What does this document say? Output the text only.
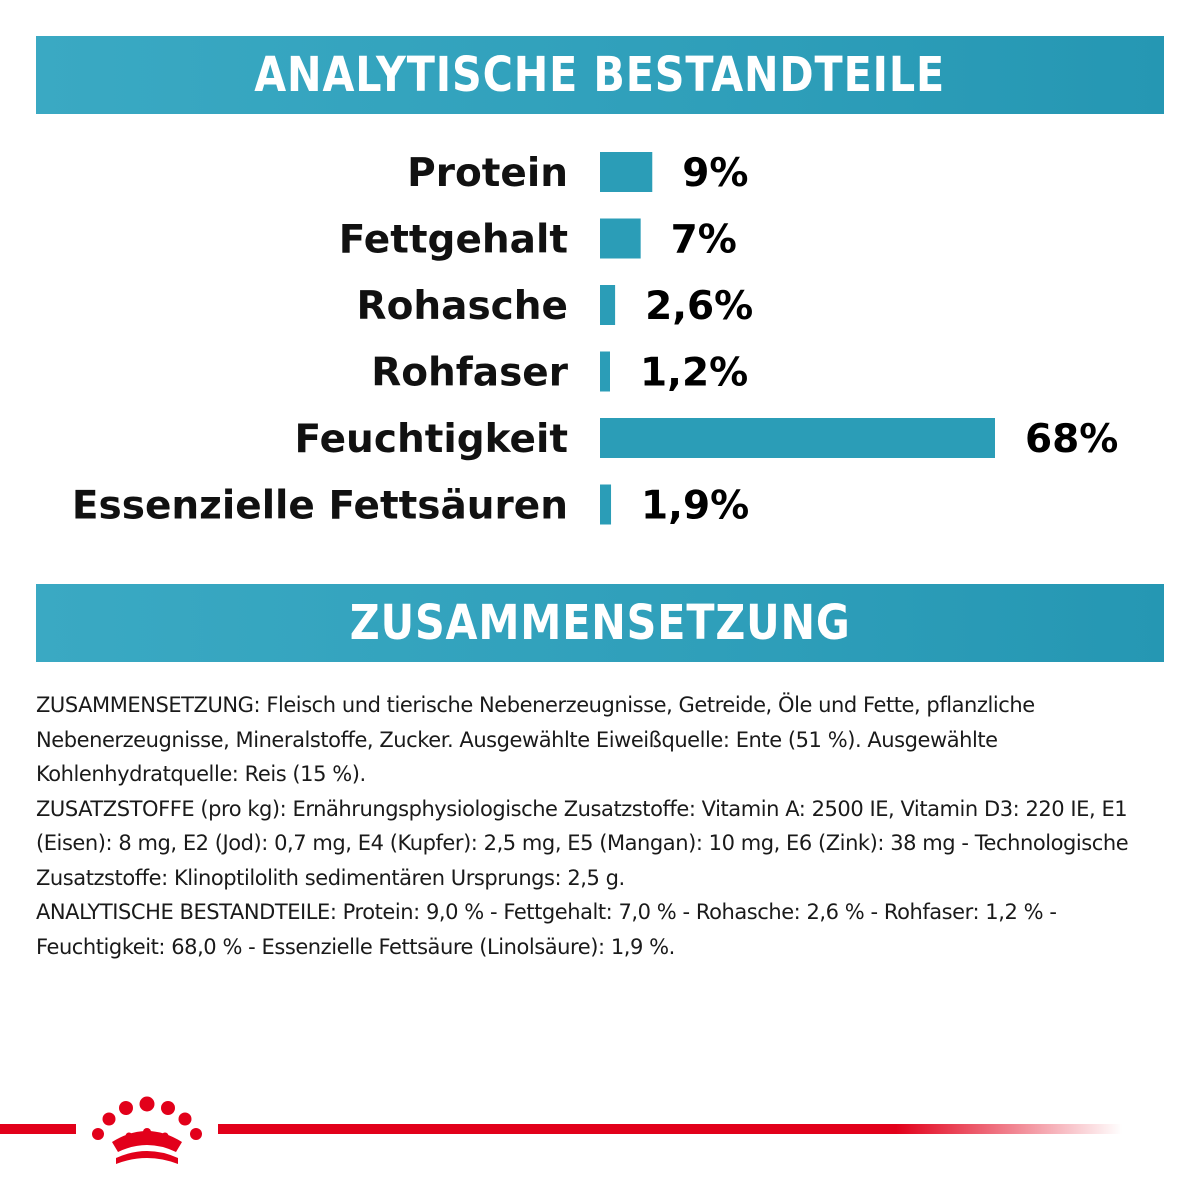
ANALYTISCHE BESTANDTEILE
Protein	9%
Fettgehalt	7%
Rohasche 2,6%
Rohfaser 1,2%
Feuchtigkeit	68%
Essenzielle Fettsäuren 1,9%
ZUSAMMENSETZUNG

ZUSAMMENSETZUNG: Fleisch und tierische Nebenerzeugnisse, Getreide, Öle und Fette, pflanzliche Nebenerzeugnisse, Mineralstoffe, Zucker. Ausgewählte Eiweißquelle: Ente (51 %). Ausgewählte Kohlenhydratquelle: Reis (15 %).

ZUSATZSTOFFE (pro kg): Ernährungsphysiologische Zusatzstoffe: Vitamin A: 2500 IE, Vitamin D3: 220 IE, E1 (Eisen): 8 mg, E2 (Jod): 0,7 mg, E4 (Kupfer): 2,5 mg, E5 (Mangan): 10 mg, E6 (Zink): 38 mg - Technologische Zusatzstoffe: Klinoptilolith sedimentären Ursprungs: 2,5 g.

ANALYTISCHE BESTANDTEILE: Protein: 9,0 % - Fettgehalt: 7,0 % - Rohasche: 2,6 % - Rohfaser: 1,2 % - Feuchtigkeit: 68,0 % - Essenzielle Fettsäure (Linolsäure): 1,9 %.
